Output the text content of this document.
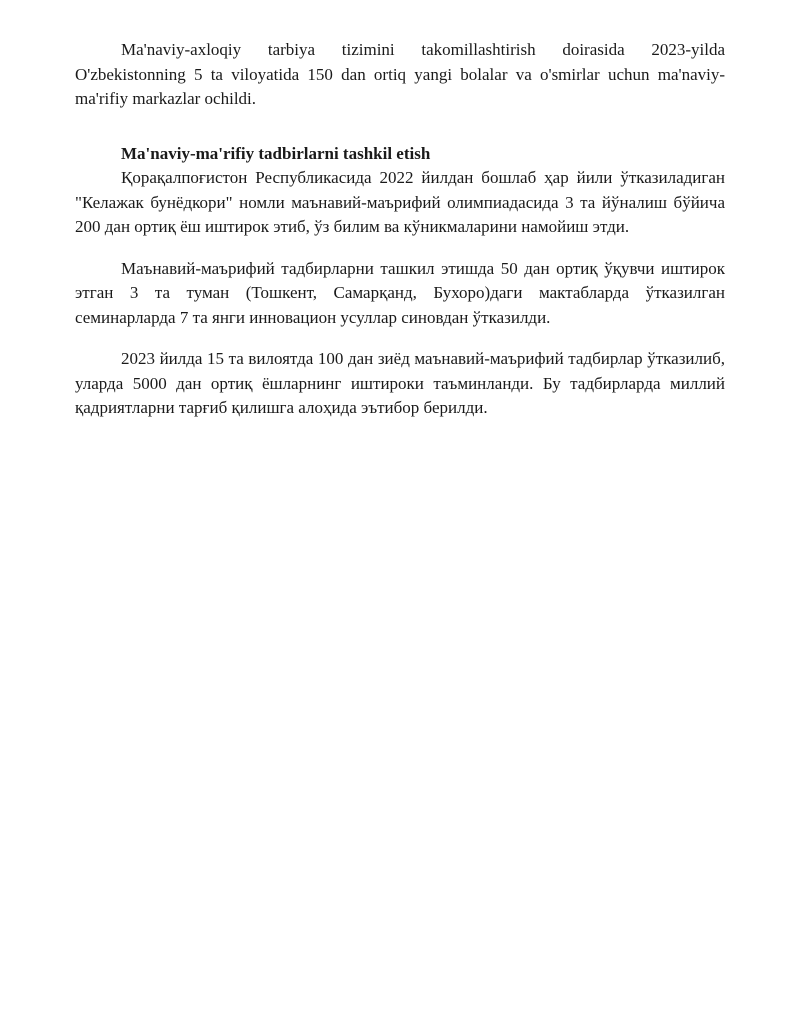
Ma'naviy-axloqiy tarbiya tizimini takomillashtirish doirasida 2023-yilda O'zbekistonning 5 ta viloyatida 150 dan ortiq yangi bolalar va o'smirlar uchun ma'naviy-ma'rifiy markazlar ochildi.

Ma'naviy-ma'rifiy tadbirlarni tashkil etish

Қорақалпоғистон Республикасида 2022 йилдан бошлаб ҳар йили ўтказиладиган "Келажак бунёдкори" номли маънавий-маърифий олимпиадасида 3 та йўналиш бўйича 200 дан ортиқ ёш иштирок этиб, ўз билим ва кўникмаларини намойиш этди.

Маънавий-маърифий тадбирларни ташкил этишда 50 дан ортиқ ўқувчи иштирок этган 3 та туман (Тошкент, Самарқанд, Бухоро)даги мактабларда ўтказилган семинарларда 7 та янги инновацион усуллар синовдан ўтказилди.

2023 йилда 15 та вилоятда 100 дан зиёд маънавий-маърифий тадбирлар ўтказилиб, уларда 5000 дан ортиқ ёшларнинг иштироки таъминланди. Бу тадбирларда миллий қадриятларни тарғиб қилишга алоҳида эътибор берилди.
